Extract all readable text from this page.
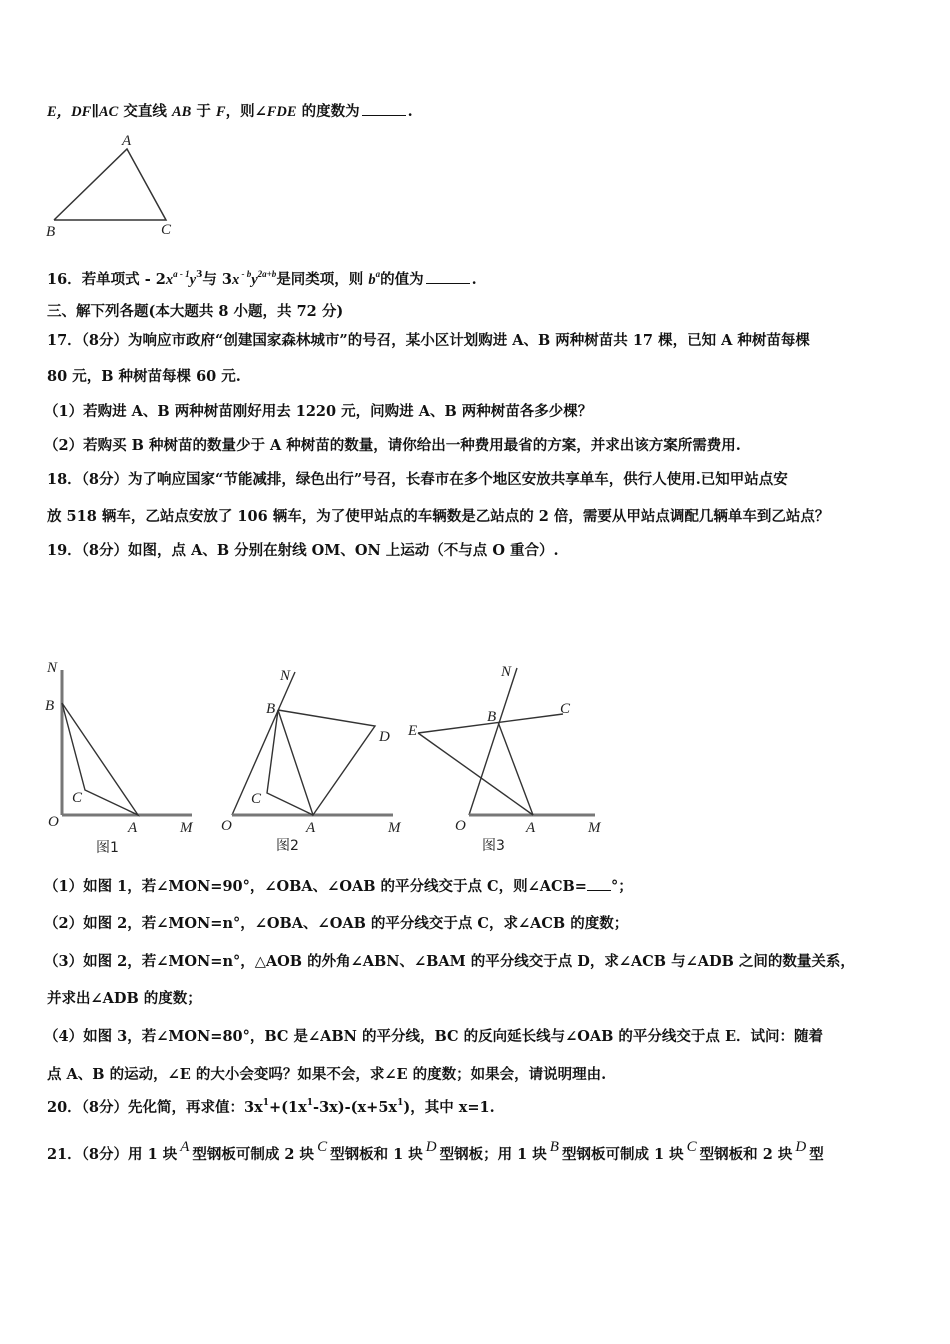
E，DF∥AC 交直线 AB 于 F，则∠FDE 的度数为	.
A
B	C
16．若单项式 - $2x^{a - 1}y^3$与 3x $^{- b}y^{2a+b}$是同类项，则 $b^a$的值为	.
三、解下列各题(本大题共 8 小题，共 72 分)
17．（8分）为响应市政府“创建国家森林城市”的号召，某小区计划购进 A、B 两种树苗共 17 棵，已知 A 种树苗每棵
80 元，B 种树苗每棵 60 元.
（1）若购进 A、B 两种树苗刚好用去 1220 元，问购进 A、B 两种树苗各多少棵？
（2）若购买 B 种树苗的数量少于 A 种树苗的数量，请你给出一种费用最省的方案，并求出该方案所需费用.
18．（8分）为了响应国家“节能减排，绿色出行”号召，长春市在多个地区安放共享单车，供行人使用.已知甲站点安
放 518 辆车，乙站点安放了 106 辆车，为了使甲站点的车辆数是乙站点的 2 倍，需要从甲站点调配几辆单车到乙站点？
19．（8分）如图，点 A、B 分别在射线 OM、ON 上运动（不与点 O 重合）.
N
B
C
O	A	M
图1
N
B
D
C
O	A	M
图2
N
C
B
E
O	A	M
图3
（1）如图 1，若∠MON=90°，∠OBA、∠OAB 的平分线交于点 C，则∠ACB= °；
（2）如图 2，若∠MON=n°，∠OBA、∠OAB 的平分线交于点 C，求∠ACB 的度数；
（3）如图 2，若∠MON=n°，△AOB 的外角∠ABN、∠BAM 的平分线交于点 D，求∠ACB 与∠ADB 之间的数量关系，
并求出∠ADB 的度数；
（4）如图 3，若∠MON=80°，BC 是∠ABN 的平分线，BC 的反向延长线与∠OAB 的平分线交于点 E．试问：随着
点 A、B 的运动，∠E 的大小会变吗？如果不会，求∠E 的度数；如果会，请说明理由.
20．（8分）先化简，再求值：$3x^1+(1x^1-3x)-(x+5x^1)$，其中 x=1.
21．（8分）用 1 块 A 型钢板可制成 2 块 C 型钢板和 1 块 D 型钢板；用 1 块 B 型钢板可制成 1 块 C 型钢板和 2 块 D 型
